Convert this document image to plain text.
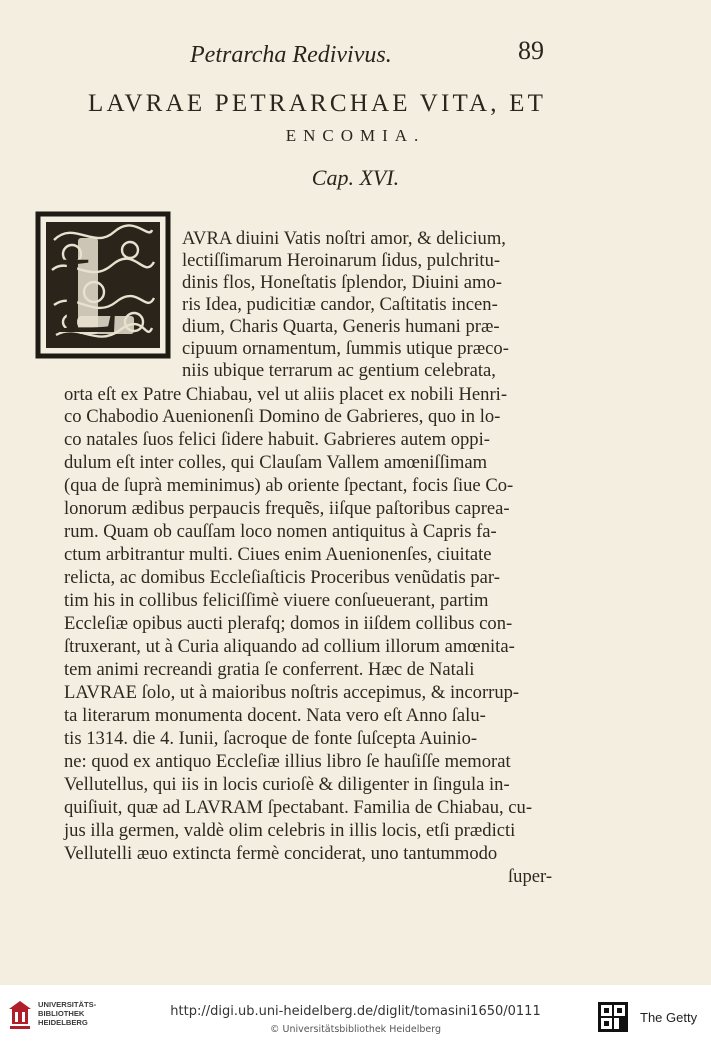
Petrarcha Redivivus.	89
LAVRAE PETRARCHAE VITA, ET
ENCOMIA.
Cap. XVI.
L	AVRA diuini Vatis noſtri amor, & delicium,
lectiſſimarum Heroinarum ſidus, pulchritu-
dinis flos, Honeſtatis ſplendor, Diuini amo-
ris Idea, pudicitiæ candor, Caſtitatis incen-
dium, Charis Quarta, Generis humani præ-
cipuum ornamentum, ſummis utique præco-
niis ubique terrarum ac gentium celebrata,
orta eſt ex Patre Chiabau, vel ut aliis placet ex nobili Henri-
co Chabodio Auenionenſi Domino de Gabrieres, quo in lo-
co natales ſuos felici ſidere habuit. Gabrieres autem oppi-
dulum eſt inter colles, qui Clauſam Vallem amœniſſimam
(qua de ſuprà meminimus) ab oriente ſpectant, focis ſiue Co-
lonorum ædibus perpaucis frequẽs, iiſque paſtoribus caprea-
rum. Quam ob cauſſam loco nomen antiquitus à Capris fa-
ctum arbitrantur multi. Ciues enim Auenionenſes, ciuitate
relicta, ac domibus Eccleſiaſticis Proceribus venũdatis par-
tim his in collibus feliciſſimè viuere conſueuerant, partim
Eccleſiæ opibus aucti plerafq; domos in iiſdem collibus con-
ſtruxerant, ut à Curia aliquando ad collium illorum amœnita-
tem animi recreandi gratia ſe conferrent. Hæc de Natali
LAVRAE ſolo, ut à maioribus noſtris accepimus, & incorrup-
ta literarum monumenta docent. Nata vero eſt Anno ſalu-
tis 1314. die 4. Iunii, ſacroque de fonte ſuſcepta Auinio-
ne: quod ex antiquo Eccleſiæ illius libro ſe hauſiſſe memorat
Vellutellus, qui iis in locis curioſè & diligenter in ſingula in-
quiſiuit, quæ ad LAVRAM ſpectabant. Familia de Chiabau, cu-
jus illa germen, valdè olim celebris in illis locis, etſi prædicti
Vellutelli æuo extincta fermè conciderat, uno tantummodo
ſuper-
UNIVERSITÄTS-BIBLIOTHEK HEIDELBERG
http://digi.ub.uni-heidelberg.de/diglit/tomasini1650/0111
© Universitätsbibliothek Heidelberg
The Getty
